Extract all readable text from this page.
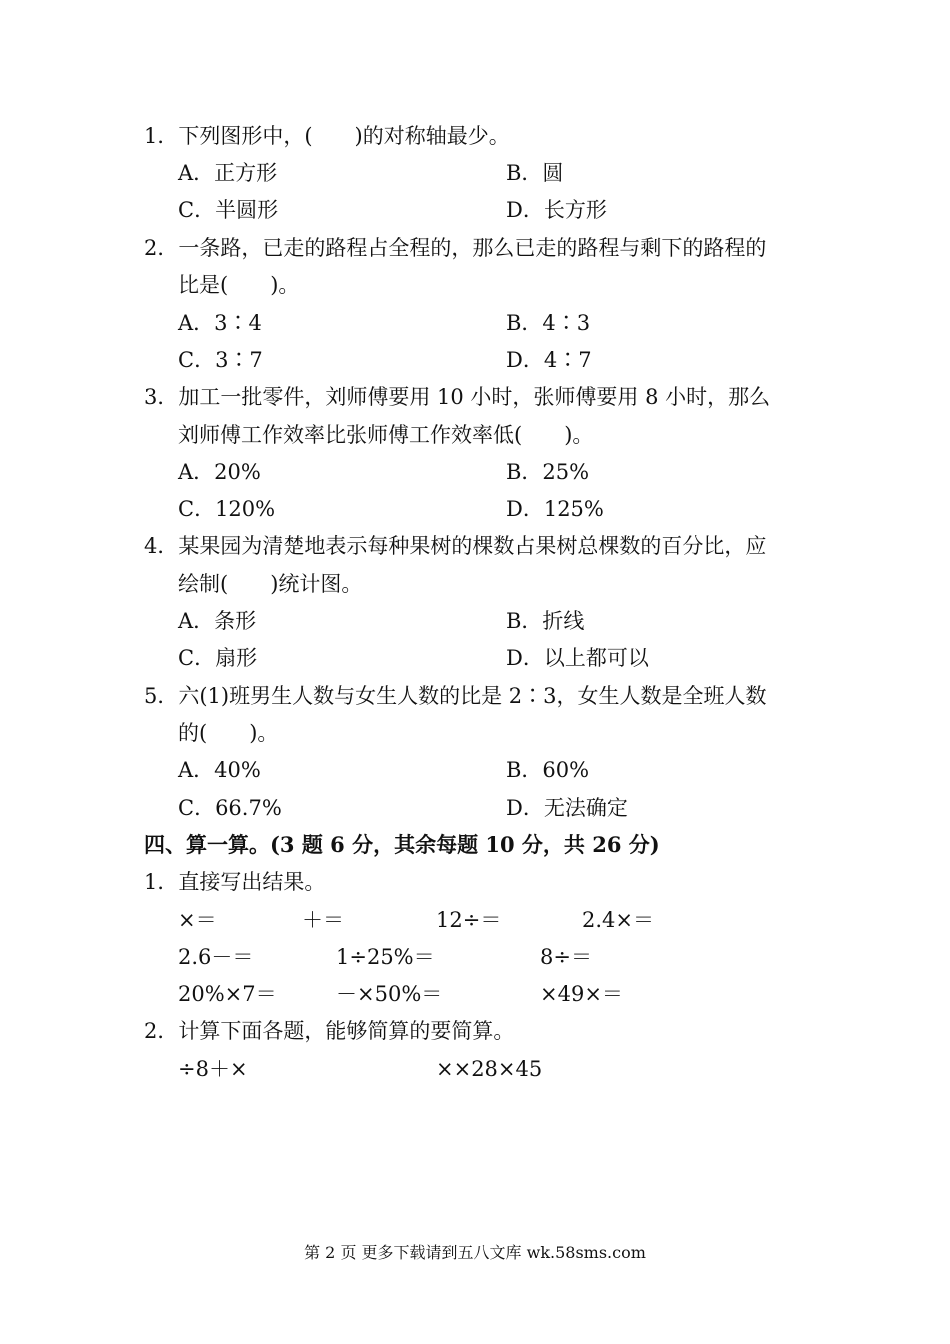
1．下列图形中，(　　)的对称轴最少。
A．正方形	B．圆
C．半圆形	D．长方形
2．一条路，已走的路程占全程的，那么已走的路程与剩下的路程的
比是(　　)。
A．3∶4	B．4∶3
C．3∶7	D．4∶7
3．加工一批零件，刘师傅要用 10 小时，张师傅要用 8 小时，那么
刘师傅工作效率比张师傅工作效率低(　　)。
A．20%	B．25%
C．120%	D．125%
4．某果园为清楚地表示每种果树的棵数占果树总棵数的百分比，应
绘制(　　)统计图。
A．条形	B．折线
C．扇形	D．以上都可以
5．六(1)班男生人数与女生人数的比是 2∶3，女生人数是全班人数
的(　　)。
A．40%	B．60%
C．66.7%	D．无法确定
四、算一算。(3 题 6 分，其余每题 10 分，共 26 分)
1．直接写出结果。
×＝	＋＝	12÷＝	2.4×＝
2.6－＝	1÷25%＝	8÷＝
20%×7＝	－×50%＝	×49×＝
2．计算下面各题，能够简算的要简算。
÷8＋×	××28×45
第 2 页 更多下载请到五八文库 wk.58sms.com
